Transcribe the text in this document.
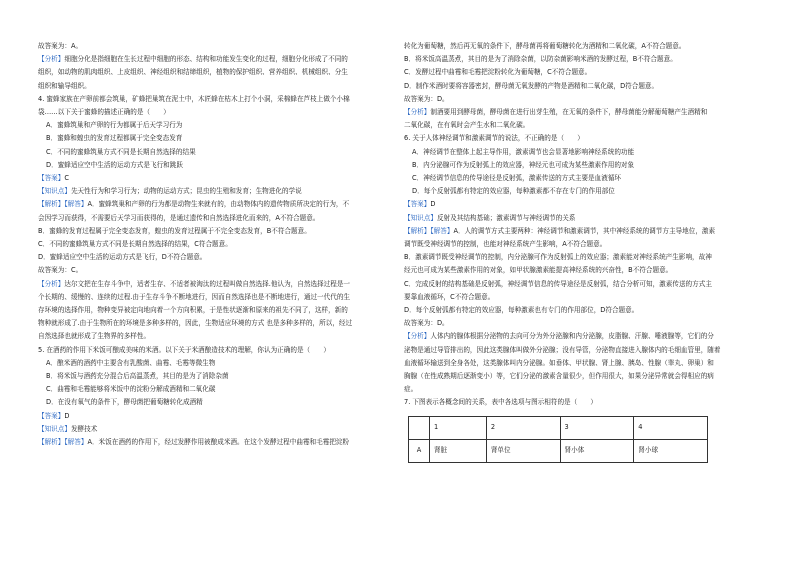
故答案为：A。
【分析】细胞分化是指细胞在生长过程中细胞的形态、结构和功能发生变化的过程，细胞分化形成了不同的
组织，如动物的肌肉组织、上皮组织、神经组织和结缔组织，植物的保护组织、营养组织、机械组织、分生
组织和输导组织。
4. 蜜蜂家族在产卵前都会筑巢，矿蜂把巢筑在泥土中，木匠蜂在枯木上打个小洞，采棉蜂在芦枝上做个小棉
袋……以下关于蜜蜂的描述正确的是（　　）
A．蜜蜂筑巢和产卵的行为都属于后天学习行为
B．蜜蜂和蝗虫的发育过程都属于完全变态发育
C．不同的蜜蜂筑巢方式不同是长期自然选择的结果
D．蜜蜂适应空中生活的运动方式是飞行和跳跃
【答案】C
【知识点】先天性行为和学习行为；动物的运动方式；昆虫的生殖和发育；生物进化的学说
【解析】【解答】A．蜜蜂筑巢和产卵的行为都是动物生来就有的，由动物体内的遗传物质所决定的行为，不
会因学习而获得，不需要后天学习而获得的，是通过遗传和自然选择进化而来的，A不符合题意。
B．蜜蜂的发育过程属于完全变态发育，蝗虫的发育过程属于不完全变态发育，B不符合题意。
C．不同的蜜蜂筑巢方式不同是长期自然选择的结果，C符合题意。
D．蜜蜂适应空中生活的运动方式是飞行，D不符合题意。
故答案为：C。
【分析】达尔文把在生存斗争中，适者生存、不适者被淘汰的过程叫做自然选择.他认为，自然选择过程是一
个长期的、缓慢的、连续的过程.由于生存斗争不断地进行，因而自然选择也是不断地进行，通过一代代的生
存环境的选择作用，物种变异被定向地向着一个方向积累，于是性状逐渐和原来的祖先不同了，这样，新的
物种就形成了.由于生物所在的环境是多种多样的，因此，生物适应环境的方式 也是多种多样的，所以，经过
自然选择也就形成了生物界的多样性。
5. 在酒药的作用下米饭可酿成美味的米酒。以下关于米酒酿造技术的理解，你认为正确的是（　　）
A．酿米酒的酒药中主要含有乳酸菌、曲霉、毛霉等微生物
B．将米饭与酒药充分混合后高温蒸煮，其目的是为了消除杂菌
C．曲霉和毛霉能够将米饭中的淀粉分解成酒精和二氧化碳
D．在没有氧气的条件下，酵母菌把葡萄糖转化成酒精
【答案】D
【知识点】发酵技术
【解析】【解答】A．米饭在酒药的作用下，经过发酵作用被酿成米酒。在这个发酵过程中曲霉和毛霉把淀粉
转化为葡萄糖，然后再无氧的条件下，酵母菌再将葡萄糖转化为酒精和二氧化碳，A不符合题意。
B．将米饭高温蒸煮，其目的是为了消除杂菌，以防杂菌影响米酒的发酵过程，B不符合题意。
C．发酵过程中曲霉和毛霉把淀粉转化为葡萄糖，C不符合题意。
D．制作米酒时要将容器密封，酵母菌无氧发酵的产物是酒精和二氧化碳，D符合题意。
故答案为：D。
【分析】制酒要用到酵母菌，酵母菌在进行出芽生殖，在无氧的条件下，酵母菌能分解葡萄糖产生酒精和
二氧化碳，在有氧时会产生水和二氧化碳。
6. 关于人体神经调节和激素调节的说法，不正确的是（　　）
A．神经调节在整体上起主导作用，激素调节也会显著地影响神经系统的功能
B．内分泌腺可作为反射弧上的效应器，神经元也可成为某些激素作用的对象
C．神经调节信息的传导途径是反射弧，激素传送的方式主要是血液循环
D．每个反射弧都有特定的效应器，每种激素都不存在专门的作用部位
【答案】D
【知识点】反射及其结构基础；激素调节与神经调节的关系
【解析】【解答】A．人的调节方式主要两种：神经调节和激素调节，其中神经系统的调节方主导地位，激素
调节既受神经调节的控制，也能对神经系统产生影响，A不符合题意。
B．激素调节既受神经调节的控制，内分泌腺可作为反射弧上的效应器；激素能对神经系统产生影响，故神
经元也可成为某些激素作用的对象，如甲状腺激素能提高神经系统的兴奋性，B不符合题意。
C．完成反射的结构基础是反射弧，神经调节信息的传导途径是反射弧，结合分析可知，激素传送的方式主
要靠血液循环，C不符合题意。
D．每个反射弧都有特定的效应器，每种激素也有专门的作用部位，D符合题意。
故答案为：D。
【分析】人体内的腺体根据分泌物的去向可分为外分泌腺和内分泌腺，皮脂腺、汗腺、唾液腺等，它们的分
泌物是通过导管排出的，因此这类腺体叫做外分泌腺；没有导管，分泌物直接进入腺体内的毛细血管里，随着
血液循环输送到全身各处，这类腺体叫内分泌腺。如垂体、甲状腺、肾上腺、胰岛、性腺（睾丸、卵巢）和
胸腺（在性成熟期后逐渐变小）等，它们分泌的激素含量很少，但作用很大，如果分泌异常就会得相应的病
症。
7. 下图表示各概念间的关系，表中各选项与图示相符的是（　　）
	1	2	3	4
A	肾脏	肾单位	肾小体	肾小球
